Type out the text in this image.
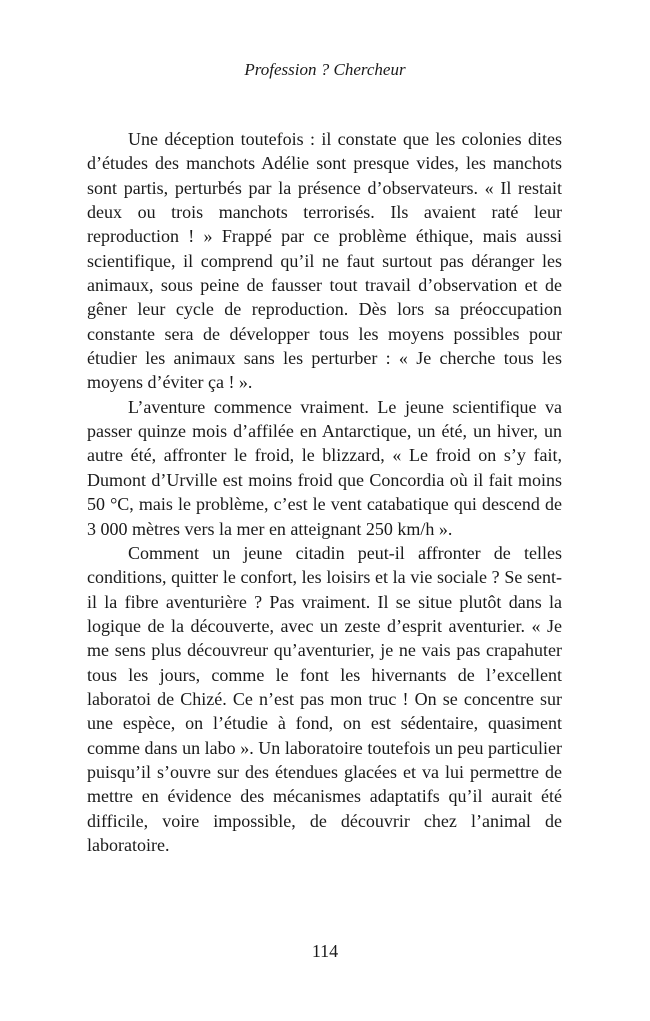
Profession ? Chercheur

Une déception toutefois : il constate que les colonies dites d’études des manchots Adélie sont presque vides, les manchots sont partis, perturbés par la présence d’observateurs. « Il restait deux ou trois manchots terrorisés. Ils avaient raté leur reproduction ! » Frappé par ce problème éthique, mais aussi scientifique, il comprend qu’il ne faut surtout pas déranger les animaux, sous peine de fausser tout travail d’observation et de gêner leur cycle de reproduction. Dès lors sa préoccupation constante sera de développer tous les moyens possibles pour étudier les animaux sans les perturber : « Je cherche tous les moyens d’éviter ça ! ».

L’aventure commence vraiment. Le jeune scientifique va passer quinze mois d’affilée en Antarctique, un été, un hiver, un autre été, affronter le froid, le blizzard, « Le froid on s’y fait, Dumont d’Urville est moins froid que Concordia où il fait moins 50 °C, mais le problème, c’est le vent catabatique qui descend de 3 000 mètres vers la mer en atteignant 250 km/h ».

Comment un jeune citadin peut-il affronter de telles conditions, quitter le confort, les loisirs et la vie sociale ? Se sent-il la fibre aventurière ? Pas vraiment. Il se situe plutôt dans la logique de la découverte, avec un zeste d’esprit aventurier. « Je me sens plus découvreur qu’aventurier, je ne vais pas crapahuter tous les jours, comme le font les hivernants de l’excellent laboratoi de Chizé. Ce n’est pas mon truc ! On se concentre sur une espèce, on l’étudie à fond, on est sédentaire, quasiment comme dans un labo ». Un laboratoire toutefois un peu particulier puisqu’il s’ouvre sur des étendues glacées et va lui permettre de mettre en évidence des mécanismes adaptatifs qu’il aurait été difficile, voire impossible, de découvrir chez l’animal de laboratoire.

114
